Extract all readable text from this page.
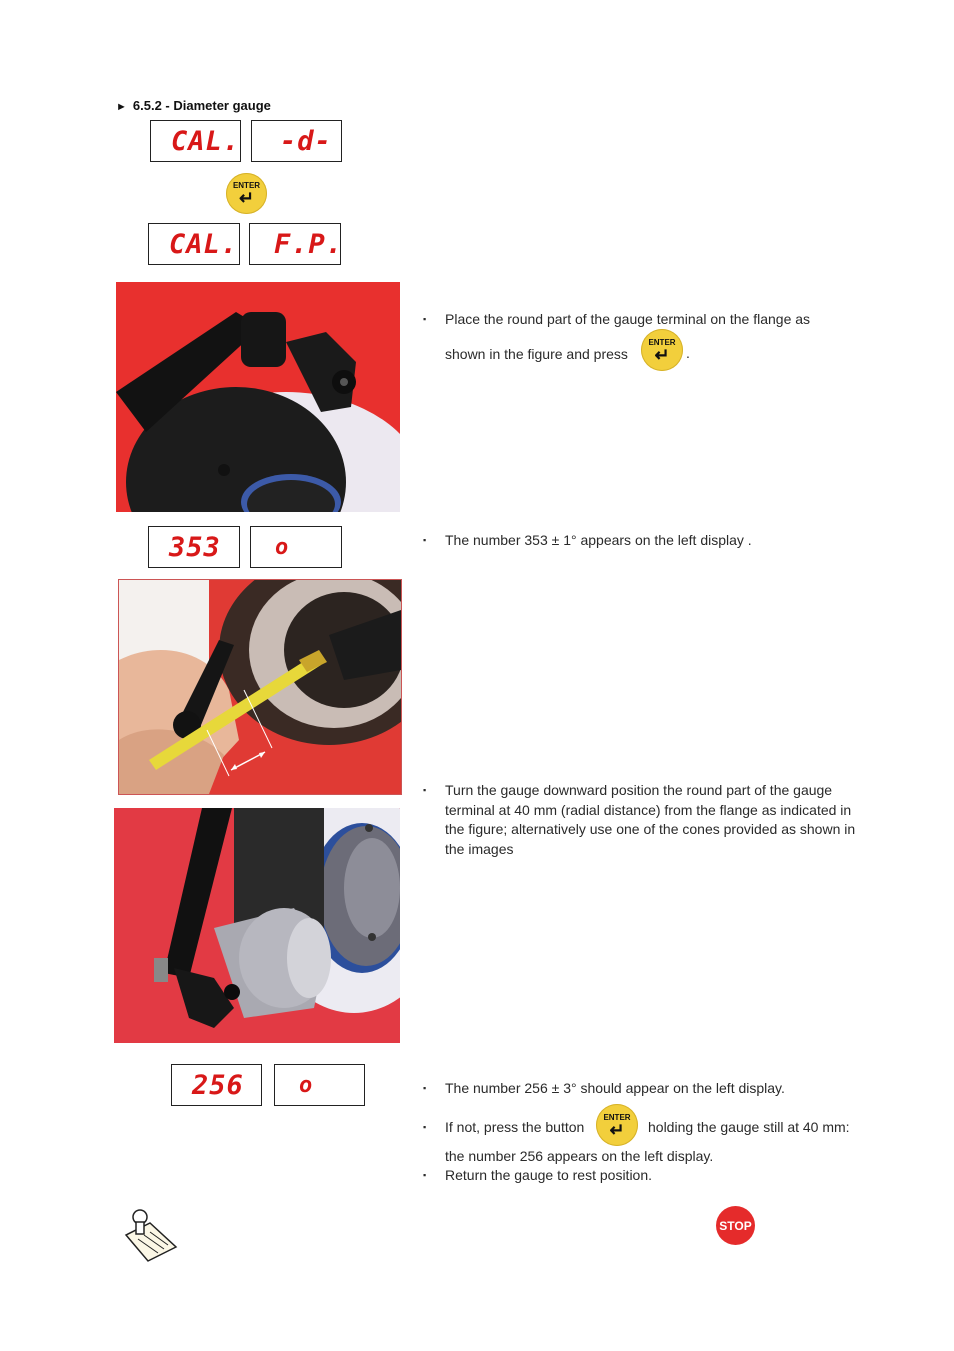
► 6.5.2 - Diameter gauge
CAL.	-d-
ENTER
↵
CAL.	F.P.
▪ Place the round part of the gauge terminal on the flange as
shown in the figure and press
ENTER
↵ .
353	o	▪ The number 353 ± 1° appears on the left display .
▪ Turn the gauge downward position the round part of the gauge terminal at 40 mm (radial distance) from the flange as indicated in the figure; alternatively use one of the cones provided as shown in the images
256	o	▪ The number 256 ± 3° should appear on the left display.
▪ If not, press the button
ENTER
↵ holding the gauge still at 40 mm:
the number 256 appears on the left display.
▪ Return the gauge to rest position.
STOP
